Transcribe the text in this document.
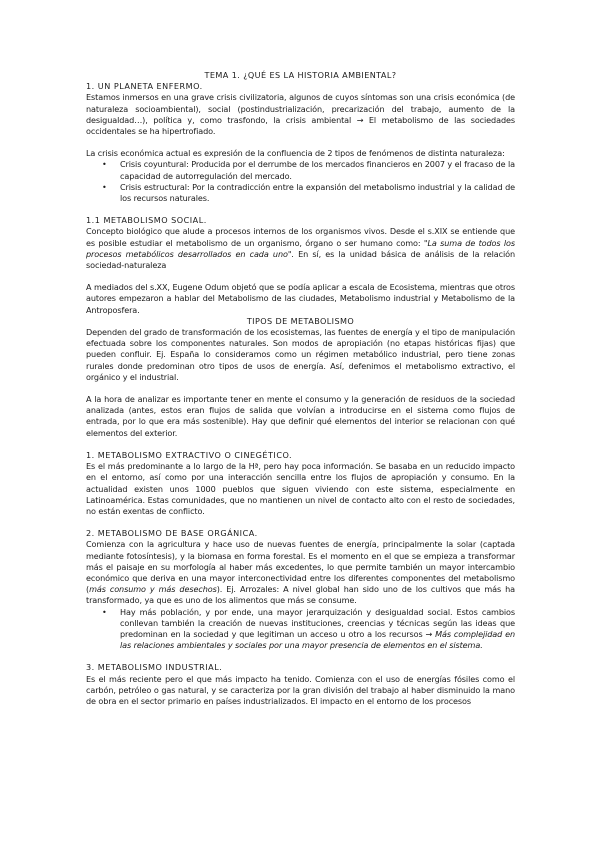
TEMA 1. ¿QUÉ ES LA HISTORIA AMBIENTAL?

1. UN PLANETA ENFERMO.

Estamos inmersos en una grave crisis civilizatoria, algunos de cuyos síntomas son una crisis económica (de naturaleza socioambiental), social (postindustrialización, precarización del trabajo, aumento de la desigualdad…), política y, como trasfondo, la crisis ambiental → El metabolismo de las sociedades occidentales se ha hipertrofiado.

La crisis económica actual es expresión de la confluencia de 2 tipos de fenómenos de distinta naturaleza:

• Crisis coyuntural: Producida por el derrumbe de los mercados financieros en 2007 y el fracaso de la capacidad de autorregulación del mercado.
• Crisis estructural: Por la contradicción entre la expansión del metabolismo industrial y la calidad de los recursos naturales.

1.1 METABOLISMO SOCIAL.

Concepto biológico que alude a procesos internos de los organismos vivos. Desde el s.XIX se entiende que es posible estudiar el metabolismo de un organismo, órgano o ser humano como: "La suma de todos los procesos metabólicos desarrollados en cada uno". En sí, es la unidad básica de análisis de la relación sociedad-naturaleza

A mediados del s.XX, Eugene Odum objetó que se podía aplicar a escala de Ecosistema, mientras que otros autores empezaron a hablar del Metabolismo de las ciudades, Metabolismo industrial y Metabolismo de la Antroposfera.

TIPOS DE METABOLISMO

Dependen del grado de transformación de los ecosistemas, las fuentes de energía y el tipo de manipulación efectuada sobre los componentes naturales. Son modos de apropiación (no etapas históricas fijas) que pueden confluir. Ej. España lo consideramos como un régimen metabólico industrial, pero tiene zonas rurales donde predominan otro tipos de usos de energía. Así, defenimos el metabolismo extractivo, el orgánico y el industrial.

A la hora de analizar es importante tener en mente el consumo y la generación de residuos de la sociedad analizada (antes, estos eran flujos de salida que volvían a introducirse en el sistema como flujos de entrada, por lo que era más sostenible). Hay que definir qué elementos del interior se relacionan con qué elementos del exterior.

1. METABOLISMO EXTRACTIVO O CINEGÉTICO.

Es el más predominante a lo largo de la Hª, pero hay poca información. Se basaba en un reducido impacto en el entorno, así como por una interacción sencilla entre los flujos de apropiación y consumo. En la actualidad existen unos 1000 pueblos que siguen viviendo con este sistema, especialmente en Latinoamérica. Estas comunidades, que no mantienen un nivel de contacto alto con el resto de sociedades, no están exentas de conflicto.

2. METABOLISMO DE BASE ORGÁNICA.

Comienza con la agricultura y hace uso de nuevas fuentes de energía, principalmente la solar (captada mediante fotosíntesis), y la biomasa en forma forestal. Es el momento en el que se empieza a transformar más el paisaje en su morfología al haber más excedentes, lo que permite también un mayor intercambio económico que deriva en una mayor interconectividad entre los diferentes componentes del metabolismo (más consumo y más desechos). Ej. Arrozales: A nivel global han sido uno de los cultivos que más ha transformado, ya que es uno de los alimentos que más se consume.

• Hay más población, y por ende, una mayor jerarquización y desigualdad social. Estos cambios conllevan también la creación de nuevas instituciones, creencias y técnicas según las ideas que predominan en la sociedad y que legitiman un acceso u otro a los recursos → Más complejidad en las relaciones ambientales y sociales por una mayor presencia de elementos en el sistema.

3. METABOLISMO INDUSTRIAL.

Es el más reciente pero el que más impacto ha tenido. Comienza con el uso de energías fósiles como el carbón, petróleo o gas natural, y se caracteriza por la gran división del trabajo al haber disminuido la mano de obra en el sector primario en países industrializados. El impacto en el entorno de los procesos
